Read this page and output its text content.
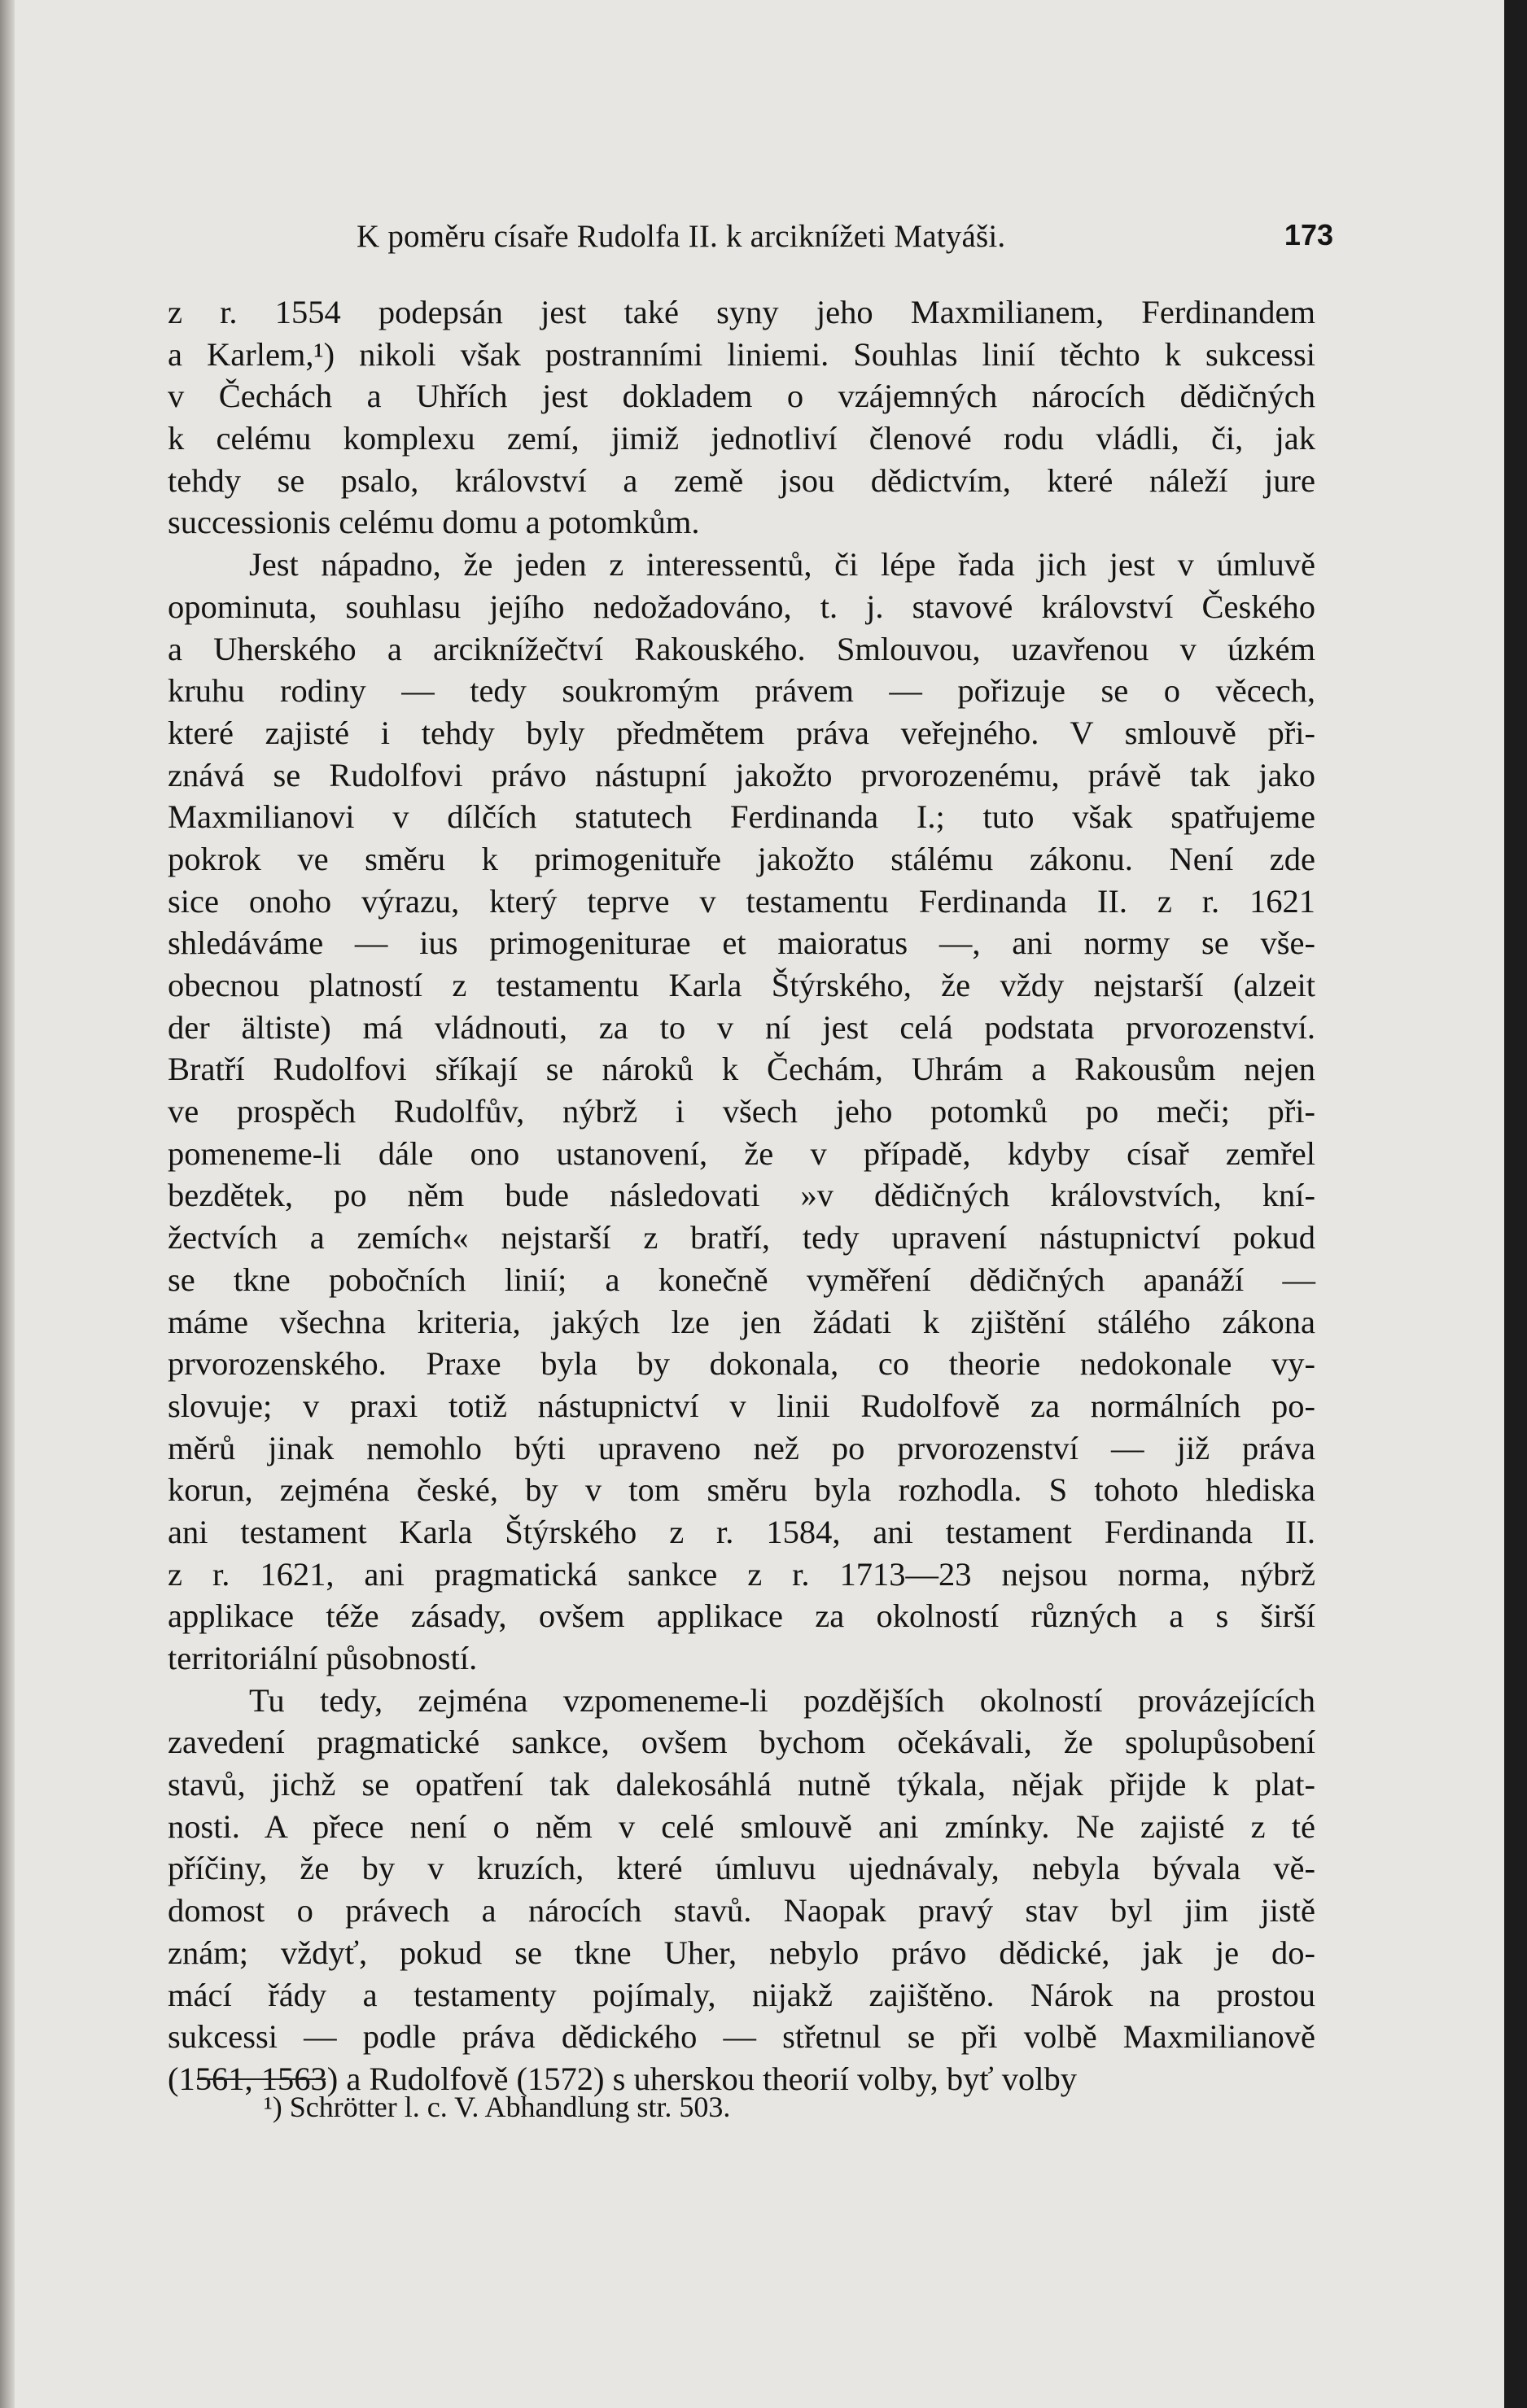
K poměru císaře Rudolfa II. k arciknížeti Matyáši.	173
z r. 1554 podepsán jest také syny jeho Maxmilianem, Ferdinandem
a Karlem,¹) nikoli však postranními liniemi. Souhlas linií těchto k sukcessi
v Čechách a Uhřích jest dokladem o vzájemných nárocích dědičných
k celému komplexu zemí, jimiž jednotliví členové rodu vládli, či, jak
tehdy se psalo, království a země jsou dědictvím, které náleží jure
successionis celému domu a potomkům.
Jest nápadno, že jeden z interessentů, či lépe řada jich jest v úmluvě
opominuta, souhlasu jejího nedožadováno, t. j. stavové království Českého
a Uherského a arciknížečtví Rakouského. Smlouvou, uzavřenou v úzkém
kruhu rodiny — tedy soukromým právem — pořizuje se o věcech,
které zajisté i tehdy byly předmětem práva veřejného. V smlouvě při-
znává se Rudolfovi právo nástupní jakožto prvorozenému, právě tak jako
Maxmilianovi v dílčích statutech Ferdinanda I.; tuto však spatřujeme
pokrok ve směru k primogenituře jakožto stálému zákonu. Není zde
sice onoho výrazu, který teprve v testamentu Ferdinanda II. z r. 1621
shledáváme — ius primogeniturae et maioratus —, ani normy se vše-
obecnou platností z testamentu Karla Štýrského, že vždy nejstarší (alzeit
der ältiste) má vládnouti, za to v ní jest celá podstata prvorozenství.
Bratří Rudolfovi sříkají se nároků k Čechám, Uhrám a Rakousům nejen
ve prospěch Rudolfův, nýbrž i všech jeho potomků po meči; při-
pomeneme-li dále ono ustanovení, že v případě, kdyby císař zemřel
bezdětek, po něm bude následovati »v dědičných královstvích, kní-
žectvích a zemích« nejstarší z bratří, tedy upravení nástupnictví pokud
se tkne pobočních linií; a konečně vyměření dědičných apanáží —
máme všechna kriteria, jakých lze jen žádati k zjištění stálého zákona
prvorozenského. Praxe byla by dokonala, co theorie nedokonale vy-
slovuje; v praxi totiž nástupnictví v linii Rudolfově za normálních po-
měrů jinak nemohlo býti upraveno než po prvorozenství — již práva
korun, zejména české, by v tom směru byla rozhodla. S tohoto hlediska
ani testament Karla Štýrského z r. 1584, ani testament Ferdinanda II.
z r. 1621, ani pragmatická sankce z r. 1713—23 nejsou norma, nýbrž
applikace téže zásady, ovšem applikace za okolností různých a s širší
territoriální působností.
Tu tedy, zejména vzpomeneme-li pozdějších okolností provázejících
zavedení pragmatické sankce, ovšem bychom očekávali, že spolupůsobení
stavů, jichž se opatření tak dalekosáhlá nutně týkala, nějak přijde k plat-
nosti. A přece není o něm v celé smlouvě ani zmínky. Ne zajisté z té
příčiny, že by v kruzích, které úmluvu ujednávaly, nebyla bývala vě-
domost o právech a nárocích stavů. Naopak pravý stav byl jim jistě
znám; vždyť, pokud se tkne Uher, nebylo právo dědické, jak je do-
mácí řády a testamenty pojímaly, nijakž zajištěno. Nárok na prostou
sukcessi — podle práva dědického — střetnul se při volbě Maxmilianově
(1561, 1563) a Rudolfově (1572) s uherskou theorií volby, byť volby
¹) Schrötter l. c. V. Abhandlung str. 503.
